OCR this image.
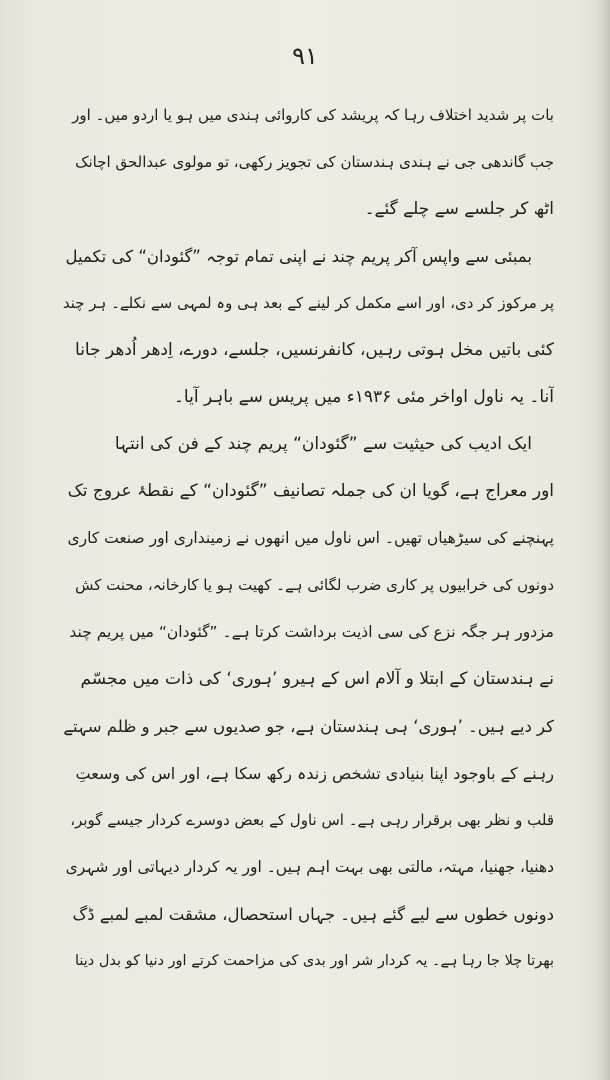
۹۱
بات پر شدید اختلاف رہا کہ پریشد کی کاروائی ہندی میں ہو یا اردو میں۔ اور
جب گاندھی جی نے ہندی ہندستان کی تجویز رکھی، تو مولوی عبدالحق اچانک
اٹھ کر جلسے سے چلے گئے۔
بمبئی سے واپس آکر پریم چند نے اپنی تمام توجہ ”گئودان“ کی تکمیل
پر مرکوز کر دی، اور اسے مکمل کر لینے کے بعد ہی وہ لمہی سے نکلے۔ ہر چند
کئی باتیں مخل ہوتی رہیں، کانفرنسیں، جلسے، دورے، اِدھر اُدھر جانا
آنا۔ یہ ناول اواخر مئی ۱۹۳۶ء میں پریس سے باہر آیا۔
ایک ادیب کی حیثیت سے ”گئودان“ پریم چند کے فن کی انتہا
اور معراج ہے، گویا ان کی جملہ تصانیف ”گئودان“ کے نقطۂ عروج تک
پہنچنے کی سیڑھیاں تھیں۔ اس ناول میں انھوں نے زمینداری اور صنعت کاری
دونوں کی خرابیوں پر کاری ضرب لگائی ہے۔ کھیت ہو یا کارخانہ، محنت کش
مزدور ہر جگہ نزع کی سی اذیت برداشت کرتا ہے۔ ”گئودان“ میں پریم چند
نے ہندستان کے ابتلا و آلام اس کے ہیرو ’ہوری‘ کی ذات میں مجسّم
کر دیے ہیں۔ ’ہوری‘ ہی ہندستان ہے، جو صدیوں سے جبر و ظلم سہتے
رہنے کے باوجود اپنا بنیادی تشخص زندہ رکھ سکا ہے، اور اس کی وسعتِ
قلب و نظر بھی برقرار رہی ہے۔ اس ناول کے بعض دوسرے کردار جیسے گوبر،
دھنیا، جھنیا، مہتہ، مالتی بھی بہت اہم ہیں۔ اور یہ کردار دیہاتی اور شہری
دونوں خطوں سے لیے گئے ہیں۔ جہاں استحصال، مشقت لمبے لمبے ڈگ
بھرتا چلا جا رہا ہے۔ یہ کردار شر اور بدی کی مزاحمت کرتے اور دنیا کو بدل دینا
